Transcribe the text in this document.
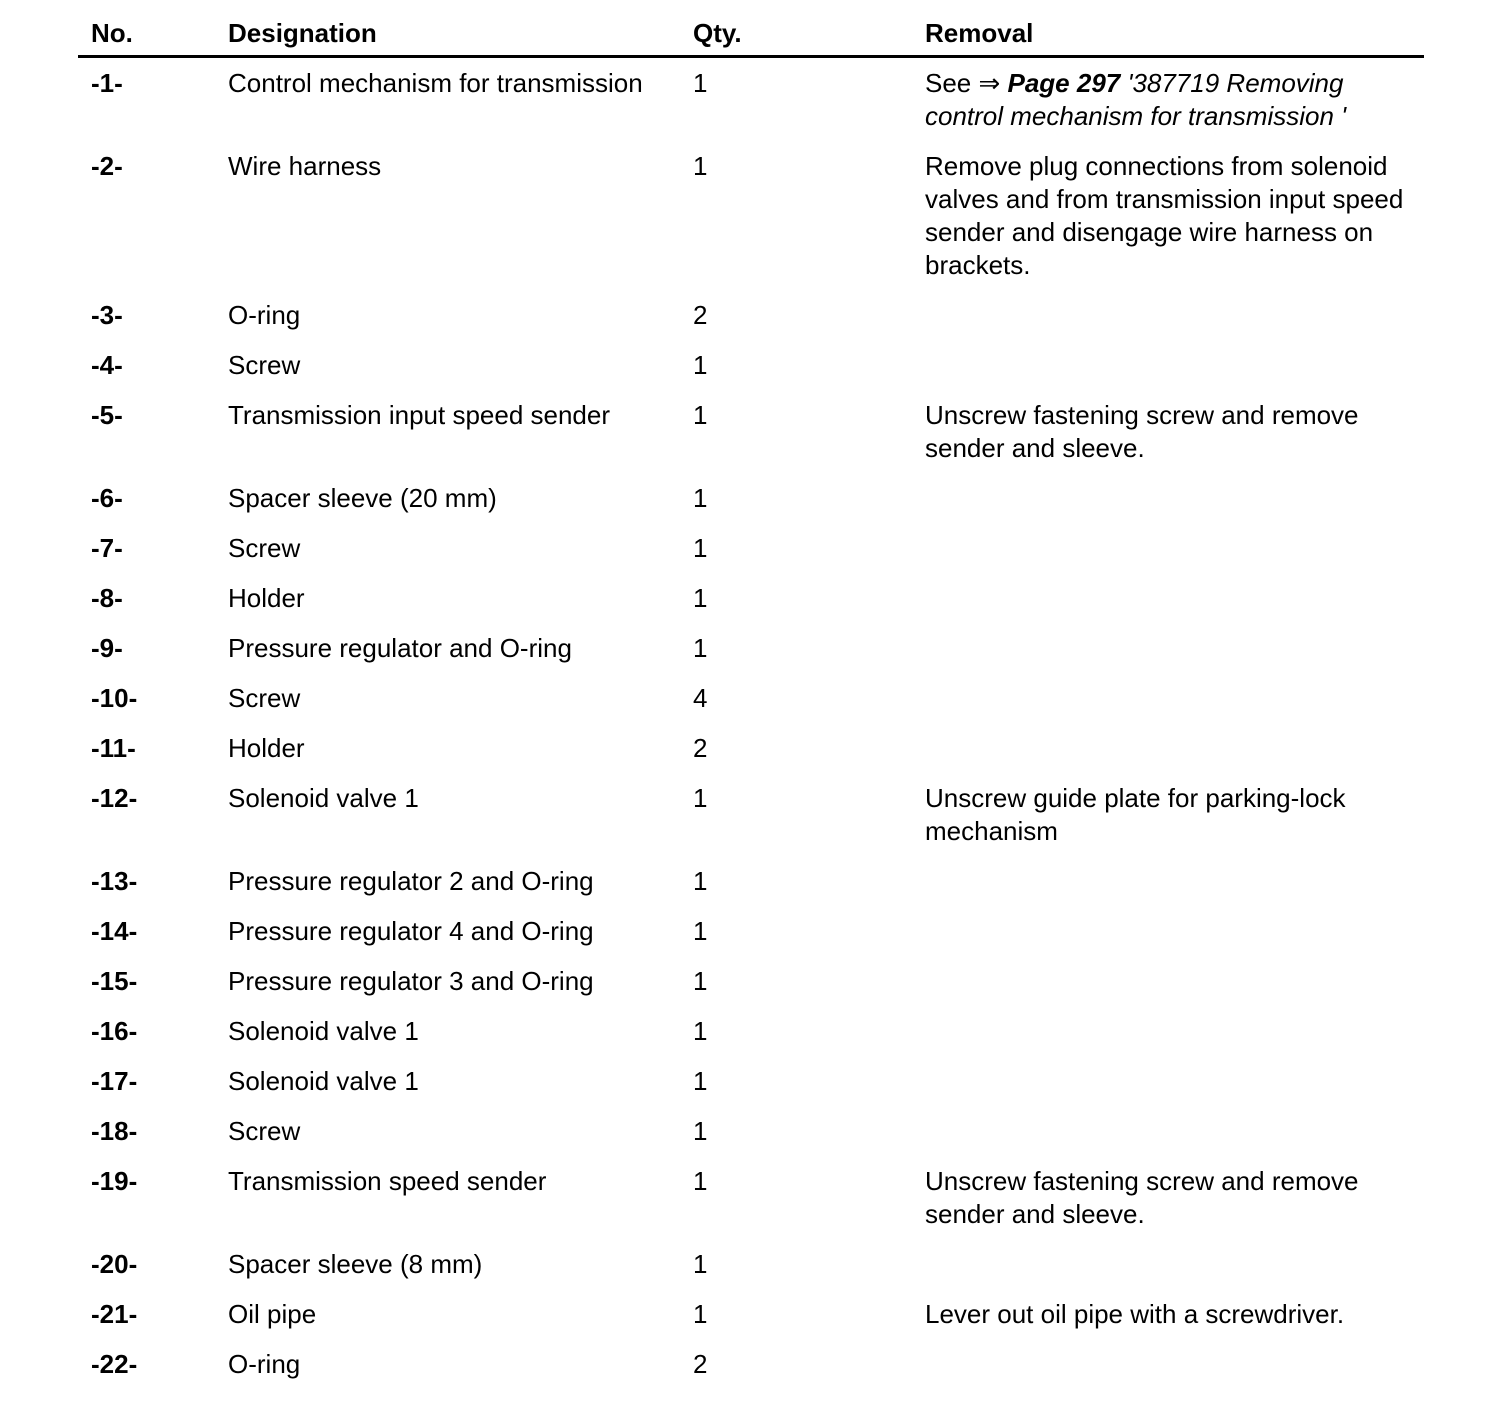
No.	Designation	Qty.	Removal
-1-	Control mechanism for transmission	1	See ⇒ Page 297 '387719 Removing control mechanism for transmission '
-2-	Wire harness	1	Remove plug connections from solenoid valves and from transmission input speed sender and disengage wire harness on brackets.
-3-	O-ring	2	
-4-	Screw	1	
-5-	Transmission input speed sender	1	Unscrew fastening screw and remove sender and sleeve.
-6-	Spacer sleeve (20 mm)	1	
-7-	Screw	1	
-8-	Holder	1	
-9-	Pressure regulator and O-ring	1	
-10-	Screw	4	
-11-	Holder	2	
-12-	Solenoid valve 1	1	Unscrew guide plate for parking-lock mechanism
-13-	Pressure regulator 2 and O-ring	1	
-14-	Pressure regulator 4 and O-ring	1	
-15-	Pressure regulator 3 and O-ring	1	
-16-	Solenoid valve 1	1	
-17-	Solenoid valve 1	1	
-18-	Screw	1	
-19-	Transmission speed sender	1	Unscrew fastening screw and remove sender and sleeve.
-20-	Spacer sleeve (8 mm)	1	
-21-	Oil pipe	1	Lever out oil pipe with a screwdriver.
-22-	O-ring	2	
